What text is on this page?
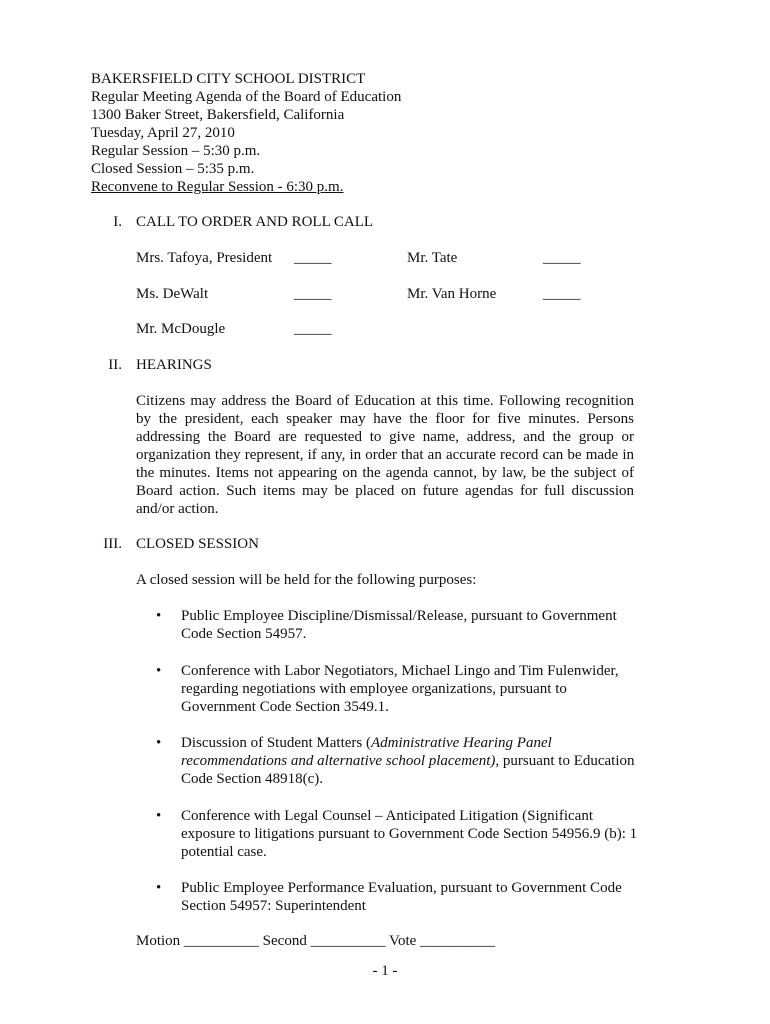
BAKERSFIELD CITY SCHOOL DISTRICT
Regular Meeting Agenda of the Board of Education
1300 Baker Street, Bakersfield, California
Tuesday, April 27, 2010
Regular Session – 5:30 p.m.
Closed Session – 5:35 p.m.
Reconvene to Regular Session - 6:30 p.m.
I. CALL TO ORDER AND ROLL CALL
Mrs. Tafoya, President _____	Mr. Tate	_____
Ms. DeWalt	_____	Mr. Van Horne	_____
Mr. McDougle	_____
II. HEARINGS

Citizens may address the Board of Education at this time. Following recognition by the president, each speaker may have the floor for five minutes. Persons addressing the Board are requested to give name, address, and the group or organization they represent, if any, in order that an accurate record can be made in the minutes. Items not appearing on the agenda cannot, by law, be the subject of Board action. Such items may be placed on future agendas for full discussion and/or action.

III. CLOSED SESSION
A closed session will be held for the following purposes:
• Public Employee Discipline/Dismissal/Release, pursuant to Government Code Section 54957.
• Conference with Labor Negotiators, Michael Lingo and Tim Fulenwider, regarding negotiations with employee organizations, pursuant to Government Code Section 3549.1.
• Discussion of Student Matters (Administrative Hearing Panel recommendations and alternative school placement), pursuant to Education Code Section 48918(c).
• Conference with Legal Counsel – Anticipated Litigation (Significant exposure to litigations pursuant to Government Code Section 54956.9 (b): 1 potential case.
• Public Employee Performance Evaluation, pursuant to Government Code Section 54957: Superintendent
Motion __________ Second __________ Vote __________
- 1 -
